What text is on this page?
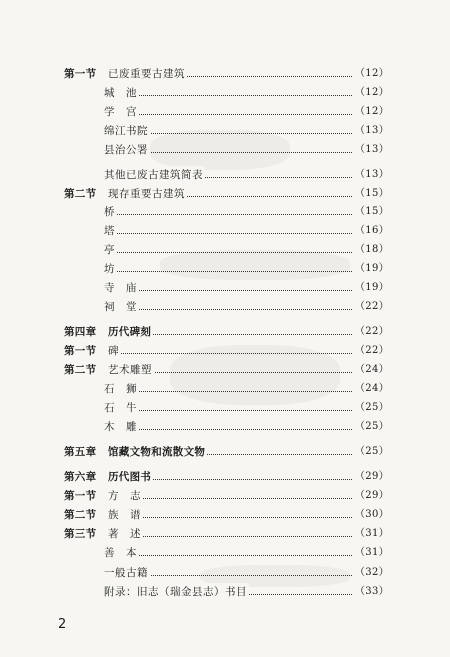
第一节 已废重要古建筑	（12）
城　池	（12）
学　宫	（12）
绵江书院	（13）
县治公署	（13）
其他已废古建筑简表	（13）
第二节 现存重要古建筑	（15）
桥	（15）
塔	（16）
亭	（18）
坊	（19）
寺　庙	（19）
祠　堂	（22）
第四章 历代碑刻	（22）
第一节 碑	（22）
第二节 艺术雕塑	（24）
石　狮	（24）
石　牛	（25）
木　雕	（25）
第五章 馆藏文物和流散文物	（25）
第六章 历代图书	（29）
第一节 方　志	（29）
第二节 族　谱	（30）
第三节 著　述	（31）
善　本	（31）
一般古籍	（32）
附录：旧志（瑞金县志）书目	（33）
2
